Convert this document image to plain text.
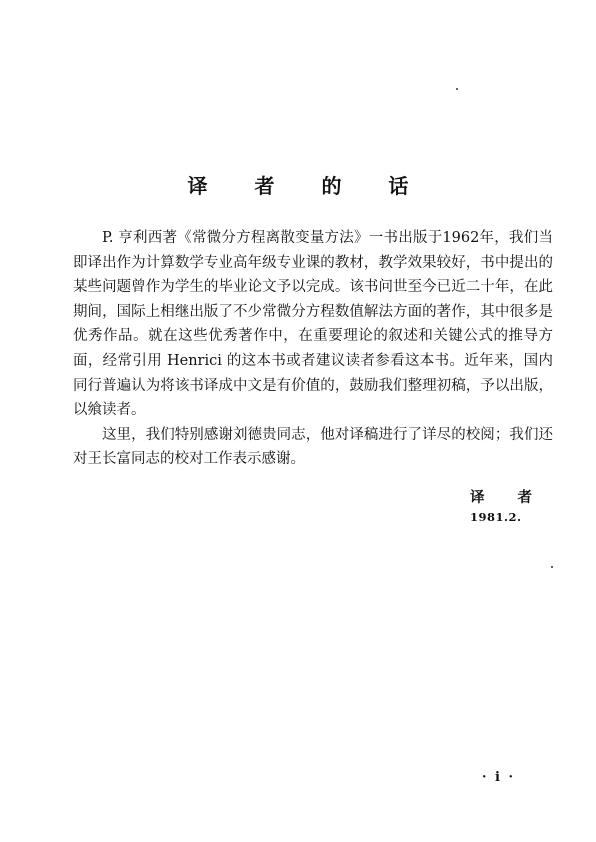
译 者 的 话

P. 亨利西著《常微分方程离散变量方法》一书出版于1962年，我们当即译出作为计算数学专业高年级专业课的教材，教学效果较好，书中提出的某些问题曾作为学生的毕业论文予以完成。该书问世至今已近二十年，在此期间，国际上相继出版了不少常微分方程数值解法方面的著作，其中很多是优秀作品。就在这些优秀著作中，在重要理论的叙述和关键公式的推导方面，经常引用 Henrici 的这本书或者建议读者参看这本书。近年来，国内同行普遍认为将该书译成中文是有价值的，鼓励我们整理初稿，予以出版，以飨读者。

这里，我们特别感谢刘德贵同志，他对译稿进行了详尽的校阅；我们还对王长富同志的校对工作表示感谢。

译 者
1981.2.
· i ·
